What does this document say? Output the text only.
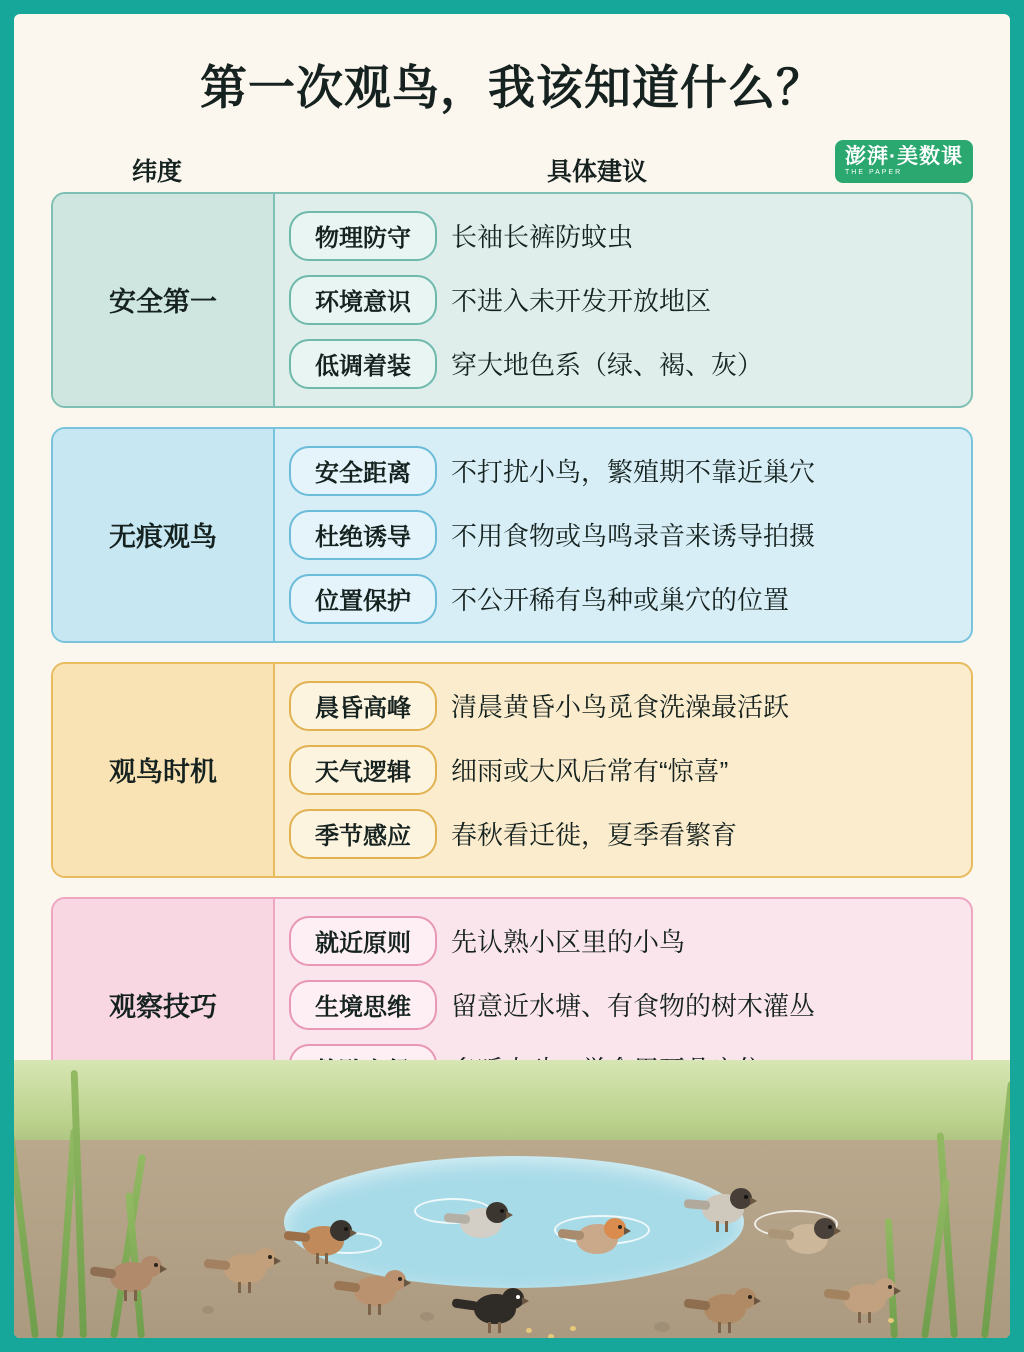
第一次观鸟，我该知道什么？
纬度	具体建议
澎湃·美数课
THE PAPER
安全第一
物理防守	长袖长裤防蚊虫
环境意识	不进入未开发开放地区
低调着装	穿大地色系（绿、褐、灰）
无痕观鸟
安全距离	不打扰小鸟，繁殖期不靠近巢穴
杜绝诱导	不用食物或鸟鸣录音来诱导拍摄
位置保护	不公开稀有鸟种或巢穴的位置
观鸟时机
晨昏高峰	清晨黄昏小鸟觅食洗澡最活跃
天气逻辑	细雨或大风后常有“惊喜”
季节感应	春秋看迁徙，夏季看繁育
观察技巧
就近原则	先认熟小区里的小鸟
生境思维	留意近水塘、有食物的树木灌丛
